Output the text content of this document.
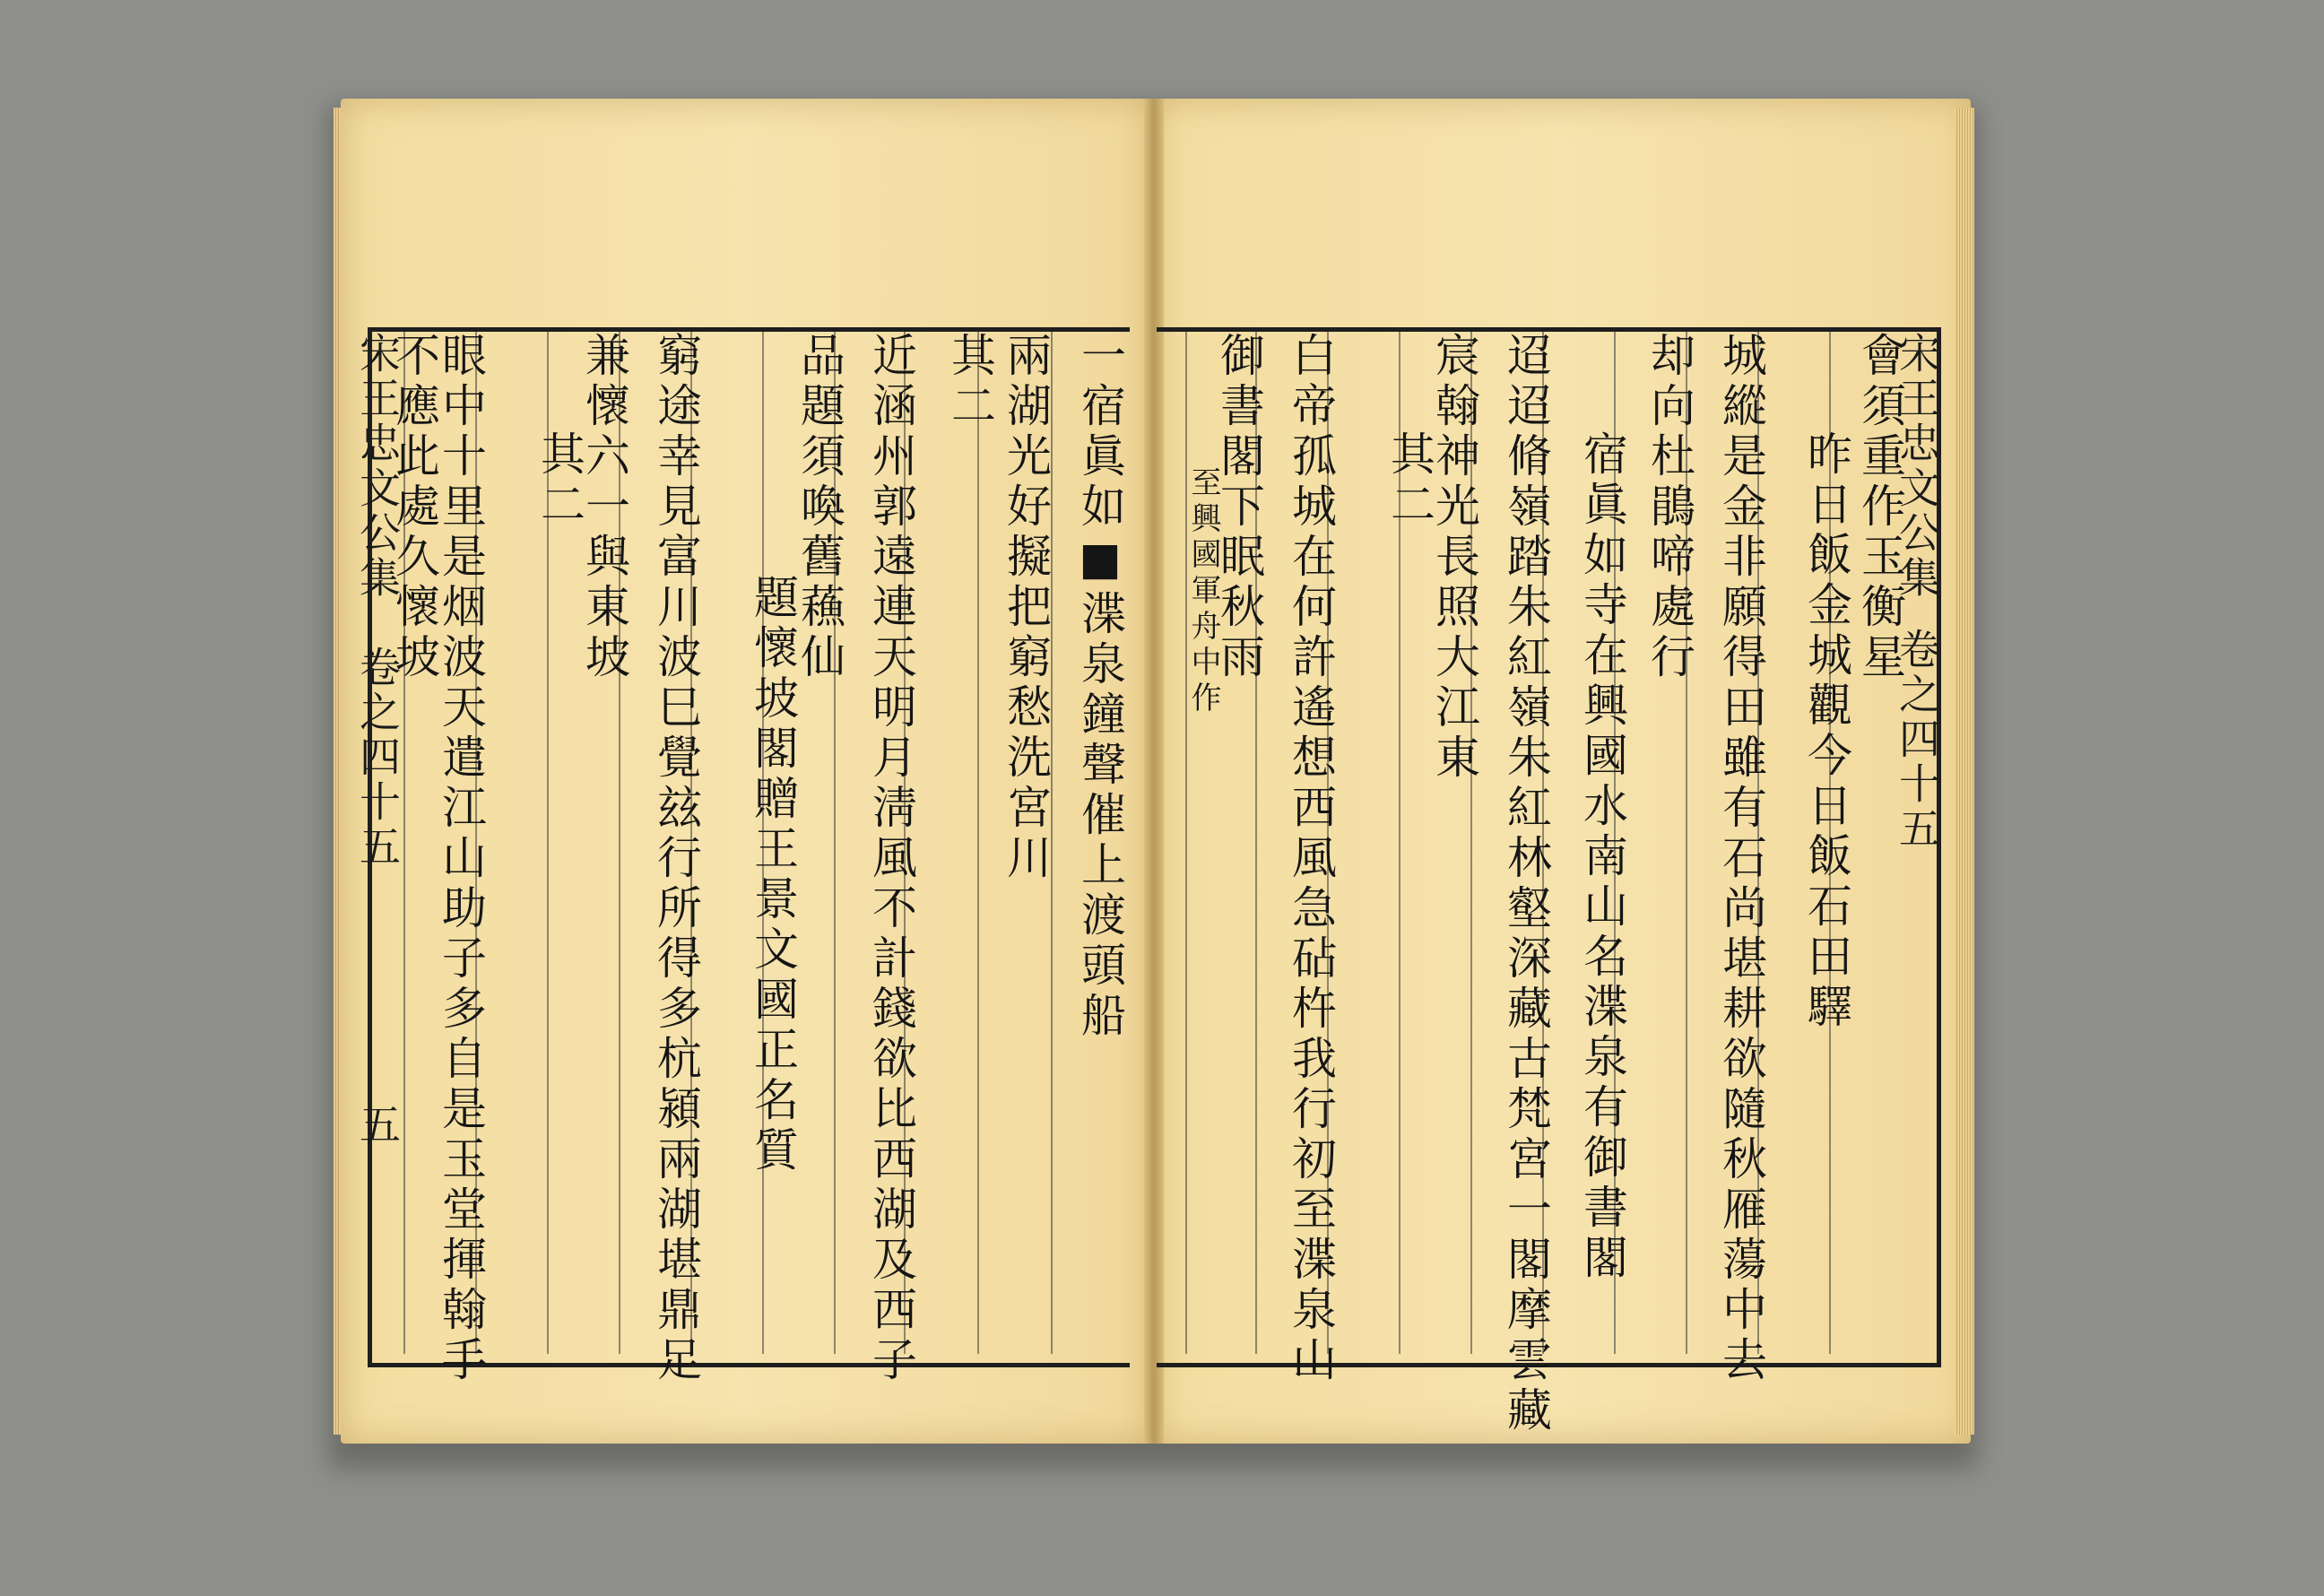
宋王忠文公集
卷之四十五
五
一宿眞如■渫泉鐘聲催上渡頭船
兩湖光好擬把窮愁洗宮川
其二
近涵州郭遠連天明月淸風不計錢欲比西湖及西子
品題須喚舊蘓仙
題懷坡閣贈王景文國正名質
窮途幸見富川波巳覺玆行所得多杭潁兩湖堪鼎足
兼懷六一與東坡
其二
眼中十里是烟波天遣江山助子多自是玉堂揮翰手
不應此處久懷坡	宋王忠文公集
卷之四十五
會須重作玉衡星
昨日飯金城觀今日飯石田驛
城縱是金非願得田雖有石尚堪耕欲隨秋雁蕩中去
却向杜鵑啼處行
宿眞如寺在興國水南山名渫泉有御書閣
迢迢脩嶺踏朱紅嶺朱紅林壑深藏古梵宮一閣摩雲藏
宸翰神光長照大江東
其二
白帝孤城在何許遙想西風急砧杵我行初至渫泉山
御書閣下眠秋雨
至興國軍舟中作
